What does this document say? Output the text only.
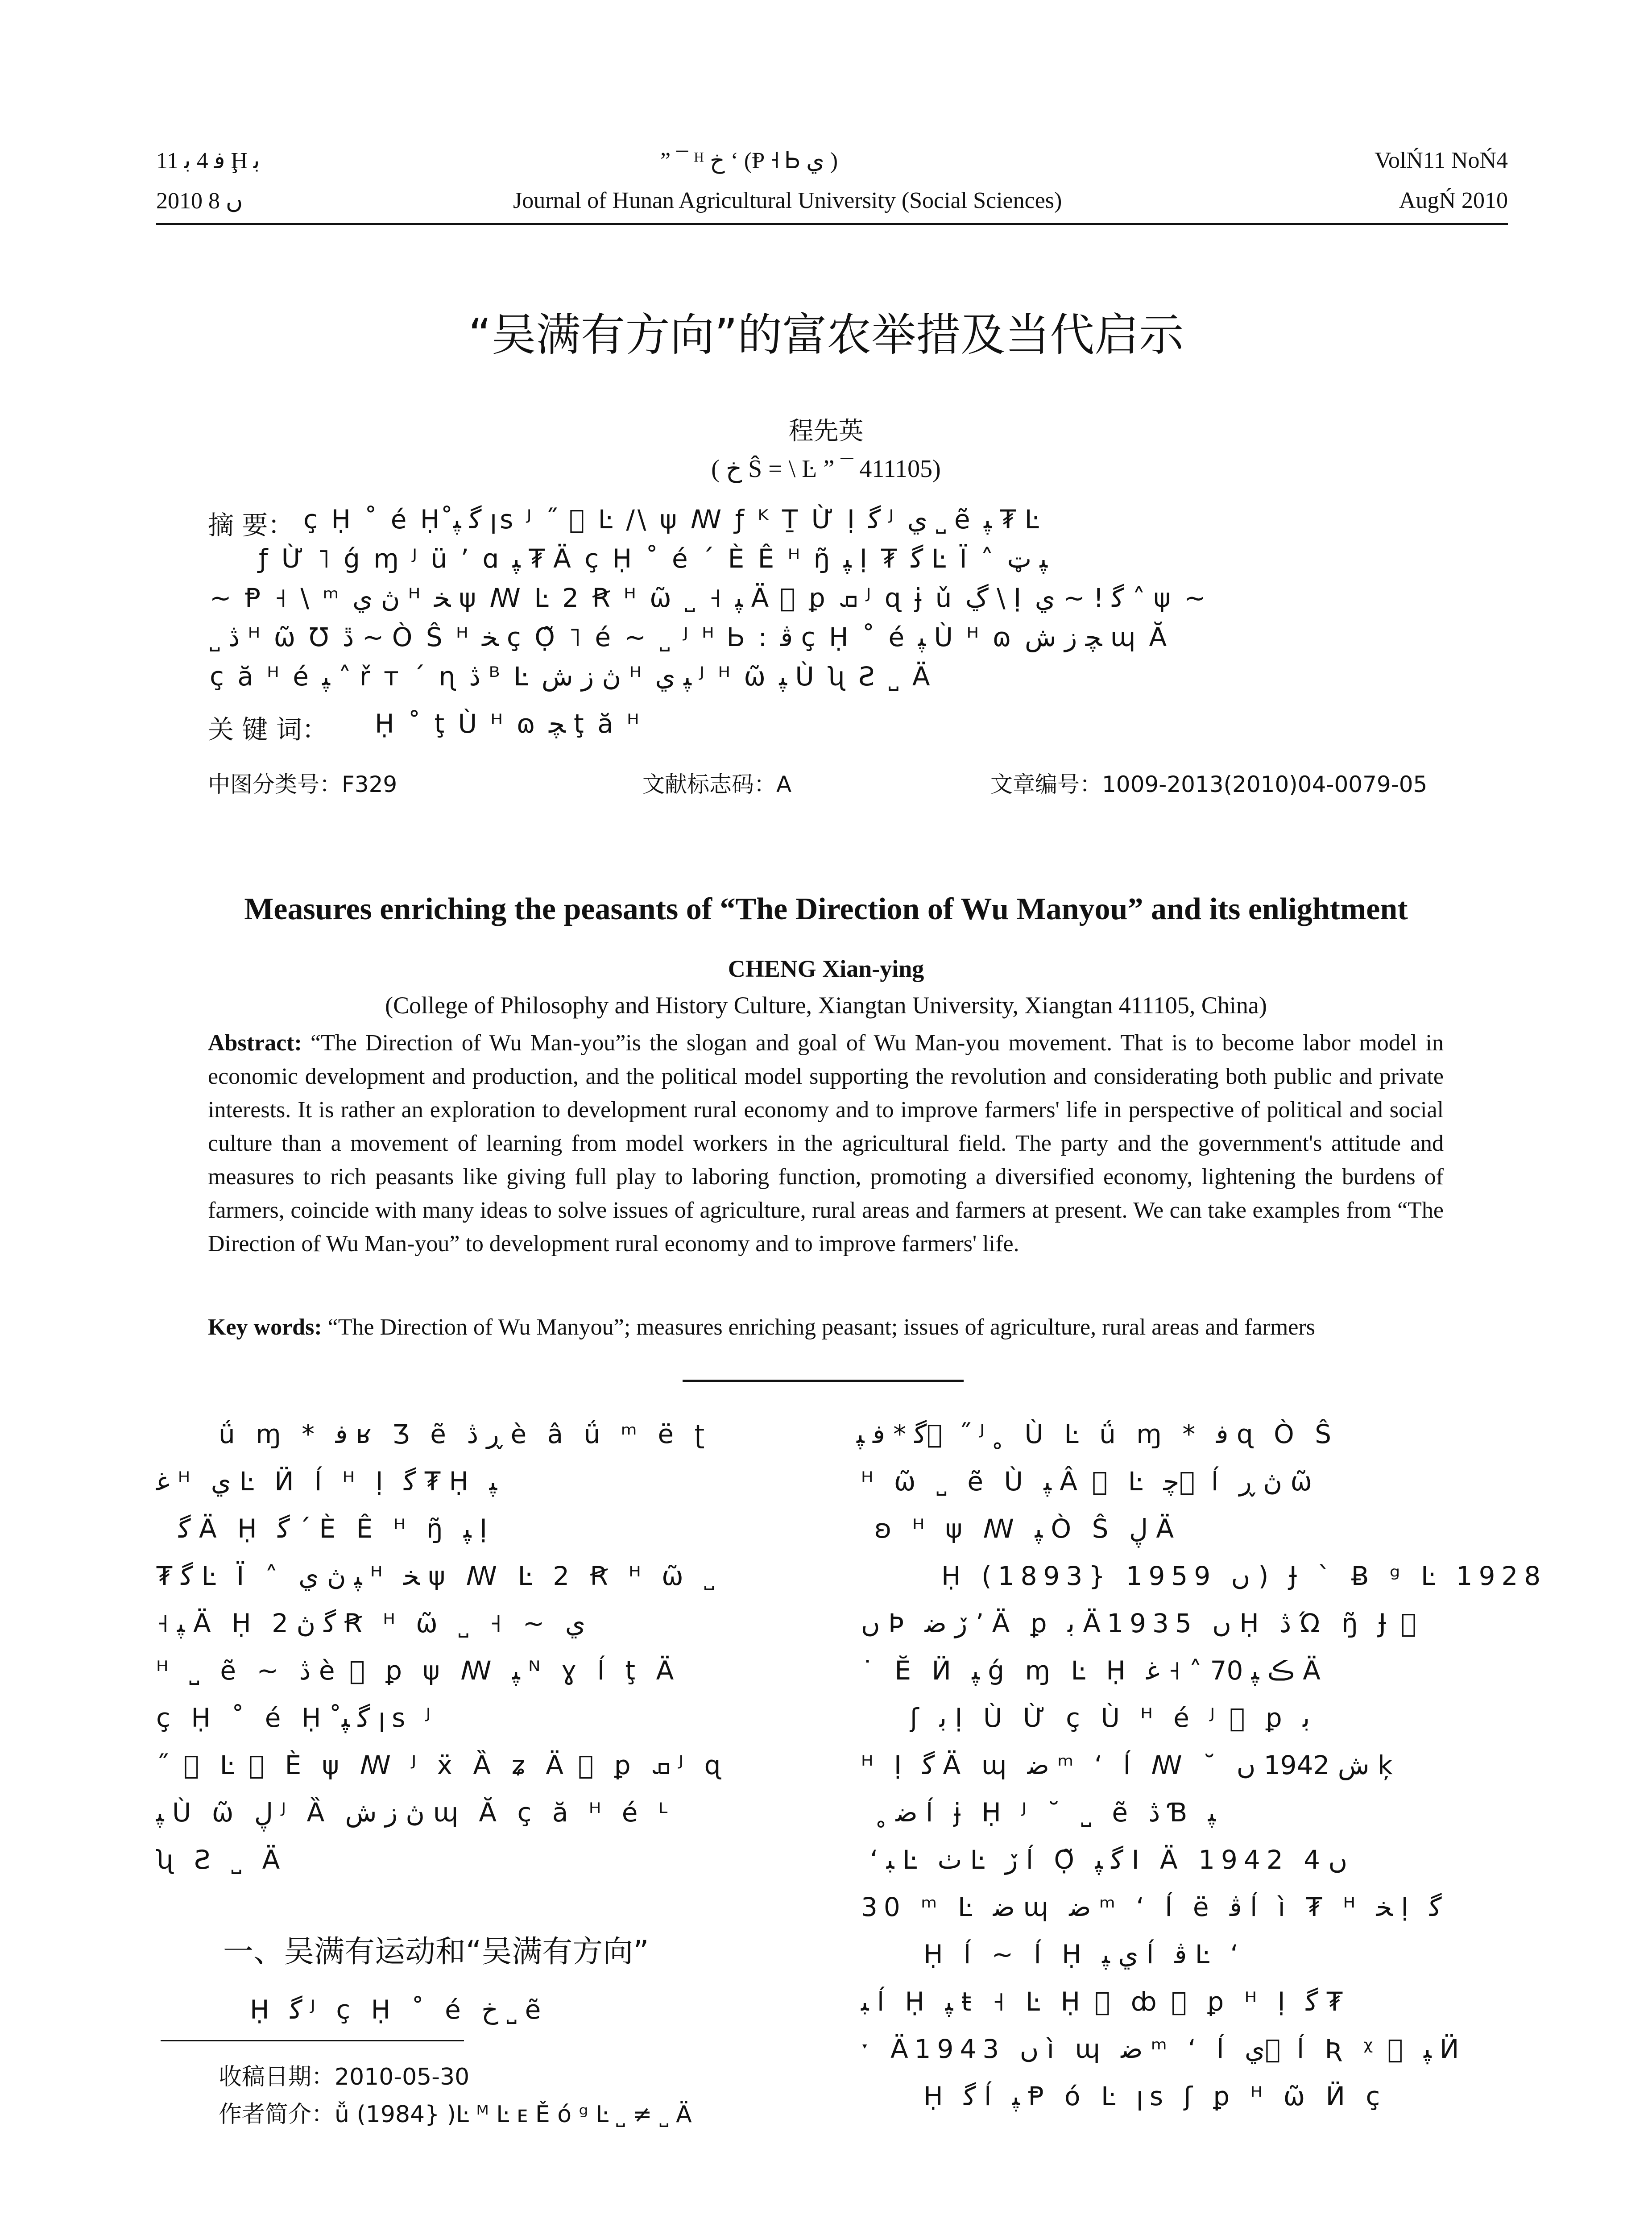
ﻓ 4 ﺑ 11 Ḩ ﺑ	” ¯ ᴴ ﺥ ʻ (Ᵽ ˧ Ꮟ ي )	VolŃ11 NoŃ4
2010 ں 8	Journal of Hunan Agricultural University (Social Sciences)	AugŃ 2010
“吴满有方向”的富农举措及当代启示
程先英
( ﺥ Ŝ = \ Ŀ ” ¯ 411105)
摘 要： ç Ḥ ˚ é Ḥ ﮔ ﭙ̊ ꞁs ᴶ ˝ ⃞ Ŀ /\ ψ ꟿ ƒ ᴷ Ṯ Ừ Ị ﮔ ᴶ ي ˽ ẽ ﭙ ₮ Ŀ
ƒ Ừ ˥ ǵ ɱ ᴶ ü ʼ ɑ ﭙ ₮ Ä ç Ḥ ˚ é ˊ È Ê ᴴ ŋ̃ ﭙ Ị ₮ ﮔ Ŀ Ï ˄ ﭙ ټ
~ Ᵽ ˧ \ ᵐ ڽ ي ᴴ ﺨ ψ ꟿ Ŀ 2 Ꞧ ᴴ ῶ ˽ ˧ ﭙ Ä ⃞ ꝑ ܩ ᴶ ɋ ɉ ǔ ڲ \ Ị ﮔ ! ~ ي ˄ ψ ~
˽ ڎ ᴴ ῶ Ʊ ڐ ~ Ò Ŝ ᴴ ﺨ ç Ọ̃ ˥ é ~ ˽ ᴶ ᴴ Ꮟ : ﭬ ç Ḥ ˚ é ﭙ Ù ᴴ ɷ ﭽ ﺯ ﺵ ɰ Ă
ç ă ᴴ é ﭙ ˄ ř ᴛ ˊ ɳ ڎ ᴮ Ŀ ڽ ﺯ ﺵ ᴴ ﭙ ي ᴶ ᴴ ῶ ﭙ Ù ʯ Ƨ ˽ Ä
关 键 词： Ḥ ˚ ţ Ù ᴴ ɷ ﭽ ţ ă ᴴ
中图分类号：F329	文献标志码：A	文章编号：1009-2013(2010)04-0079-05
Measures enriching the peasants of “The Direction of Wu Manyou” and its enlightment
CHENG Xian-ying
(College of Philosophy and History Culture, Xiangtan University, Xiangtan 411105, China)
Abstract: “The Direction of Wu Man-you”is the slogan and goal of Wu Man-you movement. That is to become labor model in economic development and production, and the political model supporting the revolution and considerating both public and private interests. It is rather an exploration to development rural economy and to improve farmers' life in perspective of political and social culture than a movement of learning from model workers in the agricultural field. The party and the government's attitude and measures to rich peasants like giving full play to laboring function, promoting a diversified economy, lightening the burdens of farmers, coincide with many ideas to solve issues of agriculture, rural areas and farmers at present. We can take examples from “The Direction of Wu Man-you” to development rural economy and to improve farmers' life.
Key words: “The Direction of Wu Manyou”; measures enriching peasant; issues of agriculture, rural areas and farmers
ǘ ɱ * ﻓ ʁ Ʒ ẽ ڕ ڎ è â ǘ ᵐ ë ʈ
ﻏ ᴴ ي Ŀ Ӥ ĺ ᴴ Ị ﮔ ₮ Ḥ ﭙ
ﮔ Ä Ḥ ﮔ ˊ È Ê ᴴ ŋ̃ ﭙ Ị
₮ ﮔ Ŀ Ï ˄ ﭙ ڽ ي ᴴ ﺨ ψ ꟿ Ŀ 2 Ꞧ ᴴ ῶ ˽
˧ ﭙ Ä Ḥ ﮔ ڽ 2 Ꞧ ᴴ ῶ ˽ ˧ ~ ي
ᴴ ˽ ẽ ~ ڎ è ⃞ ꝑ ψ ꟿ ﭙ ᴺ ɣ ĺ ţ Ä
ç Ḥ ˚ é Ḥ ﮔ ﭙ̊ ꞁs ᴶ
˝ ⃞ Ŀ ⃞ È ψ ꟿ ᴶ ẍ Ȁ ʑ Ä ⃞ ꝑ ܩ ᴶ ɋ
ﭙ Ù ῶ ڸ ᴶ Ȁ ڽ ﺯ ﺵ ɰ Ă ç ă ᴴ é ᴸ
ʯ Ƨ ˽ Ä
一、吴满有运动和“吴满有方向”
Ḥ ﮔ ᴶ ç Ḥ ˚ é ﺥ ˽ ẽ
收稿日期：2010-05-30
作者简介：ǚ (1984} )Ŀ ᴹ Ŀ ᴇ Ě ó ᵍ Ŀ ˽ ≠ ˽ Ä
ﮔ * ﻓ ﭙ ⃞ ˝ ᴶ˳ Ù Ŀ ǘ ɱ * ﻓ ɋ Ò Ŝ
ᴴ ῶ ˽ ẽ Ù ﭙ Â ⃞ Ŀ ﭼ ⃞ ĺ ڽ ڕ ῶ
ʚ ᴴ ψ ꟿ ﭙ Ò Ŝ ڸ Ä
Ḥ (1893} 1959 ں ) Ɉ ˋ Ƀ ᵍ Ŀ 1928
ں Þ ڒ ﺿ ʼ Ä ꝑ ﺑ Ä1935 ں Ḥ ڎ Ώ ŋ̃ Ɉ ⃞
˙ Ĕ Ӥ ﭙ ǵ ɱ Ŀ Ḥ ڪ ﭙ 70 ˄ ˧ ﻏ Ä
ʃ ﺑ Ị Ù Ừ ç Ù ᴴ é ᴶ ⃞ ꝑ ﺑ
ᴴ Ị ﮔ Ä ɰ ﺿ ᵐ ʻ ĺ ꟿ ˘ ﺵ 1942 ں ķ
˳ ﺿ ĺ ɉ Ḥ ᴶ ˘ ˽ ẽ ڎ Ɓ ﭙ
ʻ ﺒ Ŀ ٺ Ŀ ڒ ĺ Ọ̃ ﮔ ﭙ I Ä 1942 ں 4
30 ᵐ Ŀ ﺿ ɰ ﺿ ᵐ ʻ ĺ ë ﭬ ĺ ì ₮ ᴴ ﺨ Ị ﮔ
Ḥ ĺ ~ ĺ Ḥ ي ﭙ ĺ ﭬ Ŀ ʻ
ﺒ ĺ Ḥ ﭙ ŧ ˧ Ŀ Ḥ ⃞ ȸ ⃞ ꝑ ᴴ Ị ﮔ ₮
ˑ Ä1943 ں ì ɰ ﺿ ᵐ ʻ ĺ ي ⃞ ĺ Ʀ ᵡ ⃞ ﭙ Ӥ
Ḥ ﮔ ĺ ﭙ Ᵽ ó Ŀ ꞁs ʃ ꝑ ᴴ ῶ Ӥ ç
